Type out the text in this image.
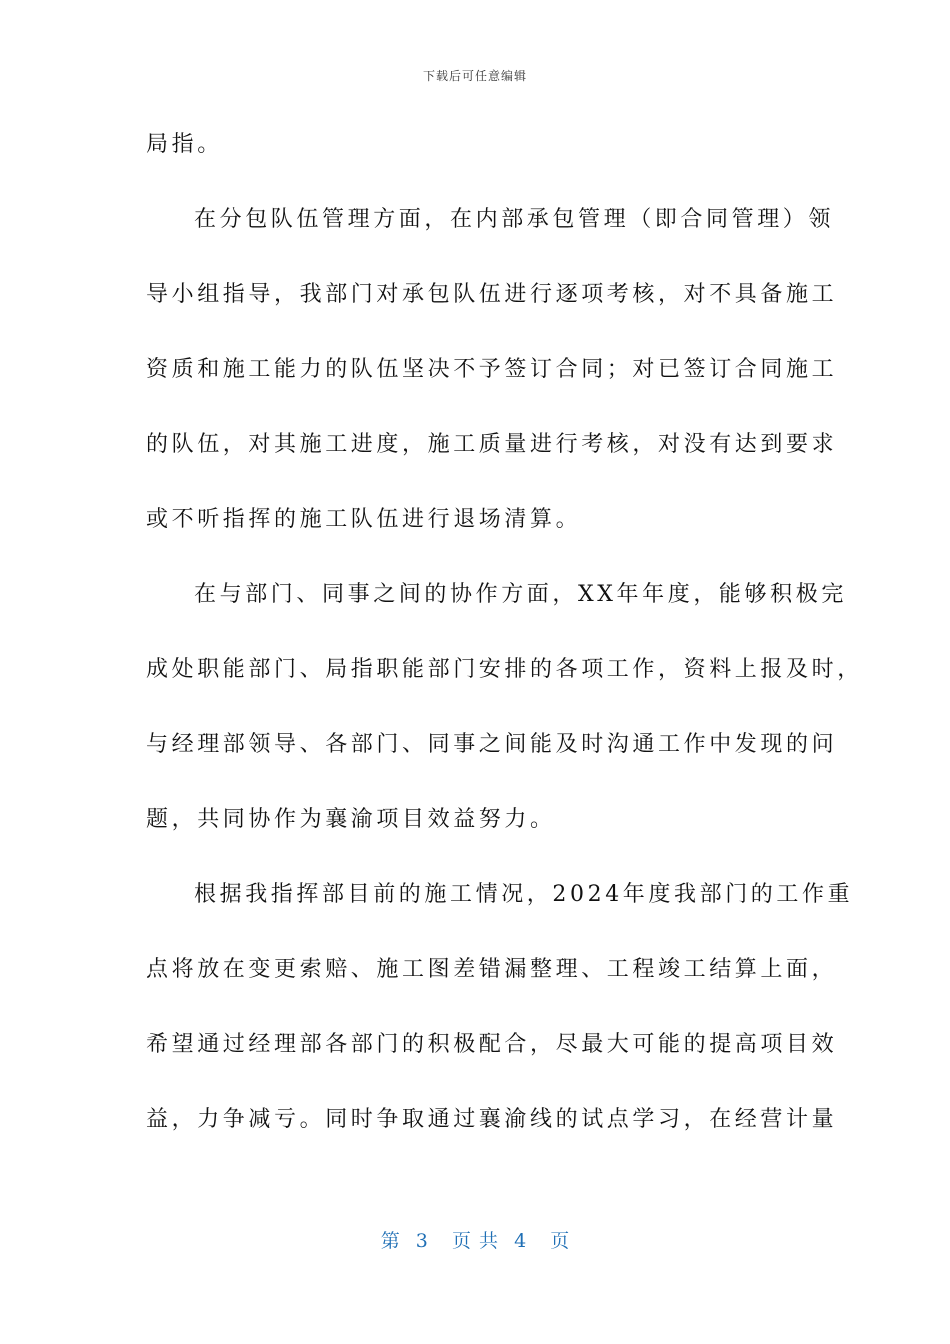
下载后可任意编辑
局指。
在分包队伍管理方面，在内部承包管理（即合同管理）领
导小组指导，我部门对承包队伍进行逐项考核，对不具备施工
资质和施工能力的队伍坚决不予签订合同；对已签订合同施工
的队伍，对其施工进度，施工质量进行考核，对没有达到要求
或不听指挥的施工队伍进行退场清算。
在与部门、同事之间的协作方面，XX年年度，能够积极完
成处职能部门、局指职能部门安排的各项工作，资料上报及时，
与经理部领导、各部门、同事之间能及时沟通工作中发现的问
题，共同协作为襄渝项目效益努力。
根据我指挥部目前的施工情况，2024年度我部门的工作重
点将放在变更索赔、施工图差错漏整理、工程竣工结算上面，
希望通过经理部各部门的积极配合，尽最大可能的提高项目效
益，力争减亏。同时争取通过襄渝线的试点学习，在经营计量
第  3   页 共  4   页
